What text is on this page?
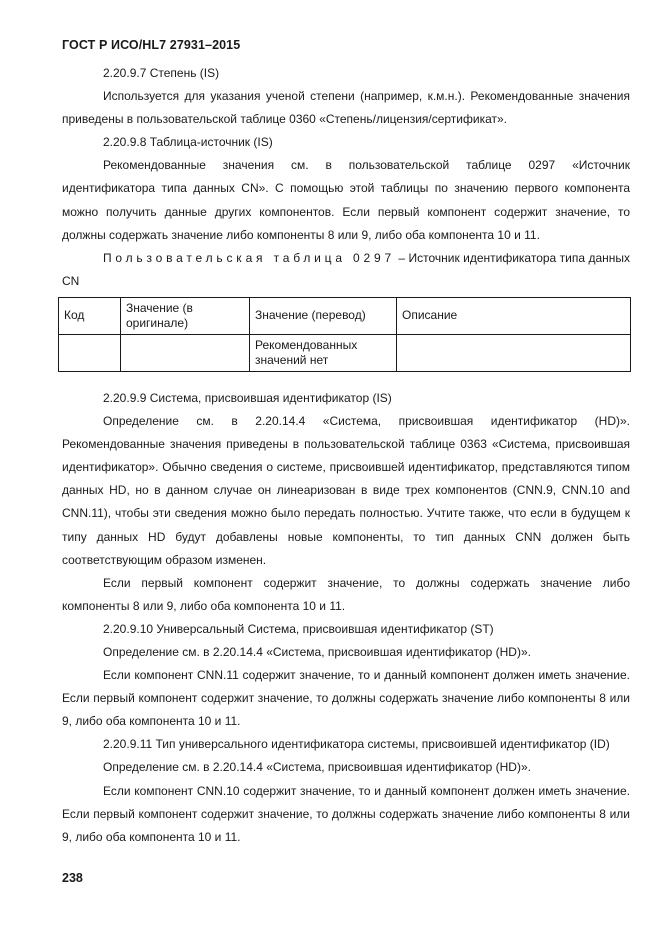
ГОСТ Р ИСО/HL7 27931–2015

2.20.9.7 Степень (IS)

Используется для указания ученой степени (например, к.м.н.). Рекомендованные значения приведены в пользовательской таблице 0360 «Степень/лицензия/сертификат».

2.20.9.8 Таблица-источник (IS)

Рекомендованные значения см. в пользовательской таблице 0297 «Источник идентификатора типа данных CN». С помощью этой таблицы по значению первого компонента можно получить данные других компонентов. Если первый компонент содержит значение, то должны содержать значение либо компоненты 8 или 9, либо оба компонента 10 и 11.

Пользовательская таблица 0297 – Источник идентификатора типа данных CN

Код	Значение (в оригинале)	Значение (перевод)	Описание
		Рекомендованных значений нет	

2.20.9.9 Система, присвоившая идентификатор (IS)

Определение см. в 2.20.14.4 «Система, присвоившая идентификатор (HD)». Рекомендованные значения приведены в пользовательской таблице 0363 «Система, присвоившая идентификатор». Обычно сведения о системе, присвоившей идентификатор, представляются типом данных HD, но в данном случае он линеаризован в виде трех компонентов (CNN.9, CNN.10 and CNN.11), чтобы эти сведения можно было передать полностью. Учтите также, что если в будущем к типу данных HD будут добавлены новые компоненты, то тип данных CNN должен быть соответствующим образом изменен.

Если первый компонент содержит значение, то должны содержать значение либо компоненты 8 или 9, либо оба компонента 10 и 11.

2.20.9.10 Универсальный Система, присвоившая идентификатор (ST)

Определение см. в 2.20.14.4 «Система, присвоившая идентификатор (HD)».

Если компонент CNN.11 содержит значение, то и данный компонент должен иметь значение. Если первый компонент содержит значение, то должны содержать значение либо компоненты 8 или 9, либо оба компонента 10 и 11.

2.20.9.11 Тип универсального идентификатора системы, присвоившей идентификатор (ID)

Определение см. в 2.20.14.4 «Система, присвоившая идентификатор (HD)».

Если компонент CNN.10 содержит значение, то и данный компонент должен иметь значение. Если первый компонент содержит значение, то должны содержать значение либо компоненты 8 или 9, либо оба компонента 10 и 11.

238
